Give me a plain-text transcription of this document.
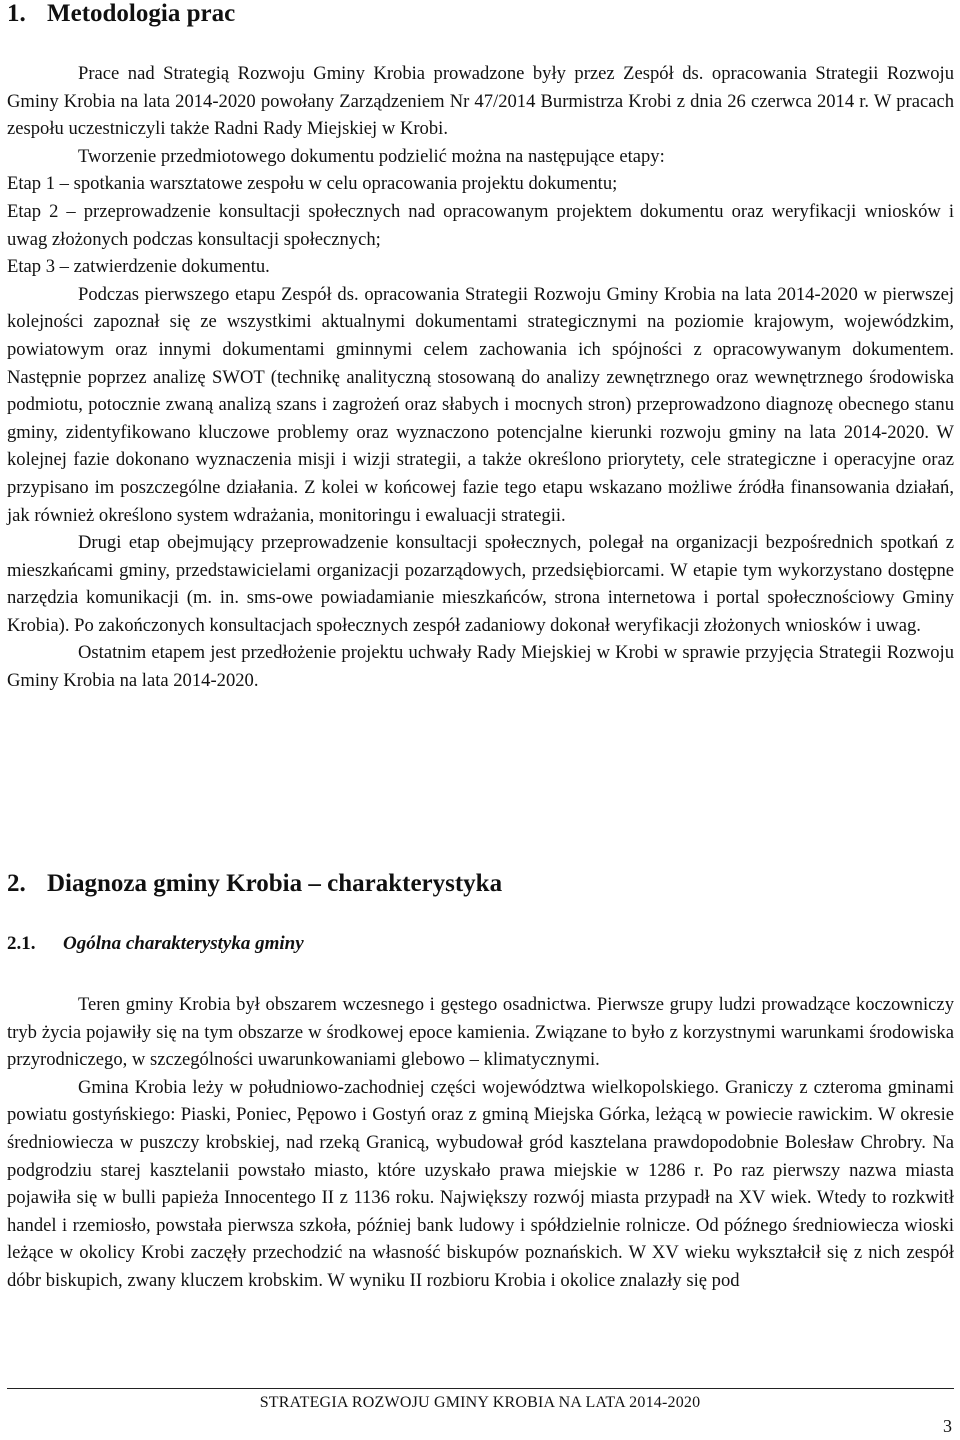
1. Metodologia prac

Prace nad Strategią Rozwoju Gminy Krobia prowadzone były przez Zespół ds. opracowania Strategii Rozwoju Gminy Krobia na lata 2014-2020 powołany Zarządzeniem Nr 47/2014 Burmistrza Krobi z dnia 26 czerwca 2014 r. W pracach zespołu uczestniczyli także Radni Rady Miejskiej w Krobi.

Tworzenie przedmiotowego dokumentu podzielić można na następujące etapy:

Etap 1 – spotkania warsztatowe zespołu w celu opracowania projektu dokumentu;

Etap 2 – przeprowadzenie konsultacji społecznych nad opracowanym projektem dokumentu oraz weryfikacji wniosków i uwag złożonych podczas konsultacji społecznych;

Etap 3 – zatwierdzenie dokumentu.

Podczas pierwszego etapu Zespół ds. opracowania Strategii Rozwoju Gminy Krobia na lata 2014-2020 w pierwszej kolejności zapoznał się ze wszystkimi aktualnymi dokumentami strategicznymi na poziomie krajowym, wojewódzkim, powiatowym oraz innymi dokumentami gminnymi celem zachowania ich spójności z opracowywanym dokumentem. Następnie poprzez analizę SWOT (technikę analityczną stosowaną do analizy zewnętrznego oraz wewnętrznego środowiska podmiotu, potocznie zwaną analizą szans i zagrożeń oraz słabych i mocnych stron) przeprowadzono diagnozę obecnego stanu gminy, zidentyfikowano kluczowe problemy oraz wyznaczono potencjalne kierunki rozwoju gminy na lata 2014-2020. W kolejnej fazie dokonano wyznaczenia misji i wizji strategii, a także określono priorytety, cele strategiczne i operacyjne oraz przypisano im poszczególne działania. Z kolei w końcowej fazie tego etapu wskazano możliwe źródła finansowania działań, jak również określono system wdrażania, monitoringu i ewaluacji strategii.

Drugi etap obejmujący przeprowadzenie konsultacji społecznych, polegał na organizacji bezpośrednich spotkań z mieszkańcami gminy, przedstawicielami organizacji pozarządowych, przedsiębiorcami. W etapie tym wykorzystano dostępne narzędzia komunikacji (m. in. sms-owe powiadamianie mieszkańców, strona internetowa i portal społecznościowy Gminy Krobia). Po zakończonych konsultacjach społecznych zespół zadaniowy dokonał weryfikacji złożonych wniosków i uwag.

Ostatnim etapem jest przedłożenie projektu uchwały Rady Miejskiej w Krobi w sprawie przyjęcia Strategii Rozwoju Gminy Krobia na lata 2014-2020.

2. Diagnoza gminy Krobia – charakterystyka
2.1. Ogólna charakterystyka gminy

Teren gminy Krobia był obszarem wczesnego i gęstego osadnictwa. Pierwsze grupy ludzi prowadzące koczowniczy tryb życia pojawiły się na tym obszarze w środkowej epoce kamienia. Związane to było z korzystnymi warunkami środowiska przyrodniczego, w szczególności uwarunkowaniami glebowo – klimatycznymi.

Gmina Krobia leży w południowo-zachodniej części województwa wielkopolskiego. Graniczy z czteroma gminami powiatu gostyńskiego: Piaski, Poniec, Pępowo i Gostyń oraz z gminą Miejska Górka, leżącą w powiecie rawickim. W okresie średniowiecza w puszczy krobskiej, nad rzeką Granicą, wybudował gród kasztelana prawdopodobnie Bolesław Chrobry. Na podgrodziu starej kasztelanii powstało miasto, które uzyskało prawa miejskie w 1286 r. Po raz pierwszy nazwa miasta pojawiła się w bulli papieża Innocentego II z 1136 roku. Największy rozwój miasta przypadł na XV wiek. Wtedy to rozkwitł handel i rzemiosło, powstała pierwsza szkoła, później bank ludowy i spółdzielnie rolnicze. Od późnego średniowiecza wioski leżące w okolicy Krobi zaczęły przechodzić na własność biskupów poznańskich. W XV wieku wykształcił się z nich zespół dóbr biskupich, zwany kluczem krobskim. W wyniku II rozbioru Krobia i okolice znalazły się pod

STRATEGIA ROZWOJU GMINY KROBIA NA LATA 2014-2020
3
